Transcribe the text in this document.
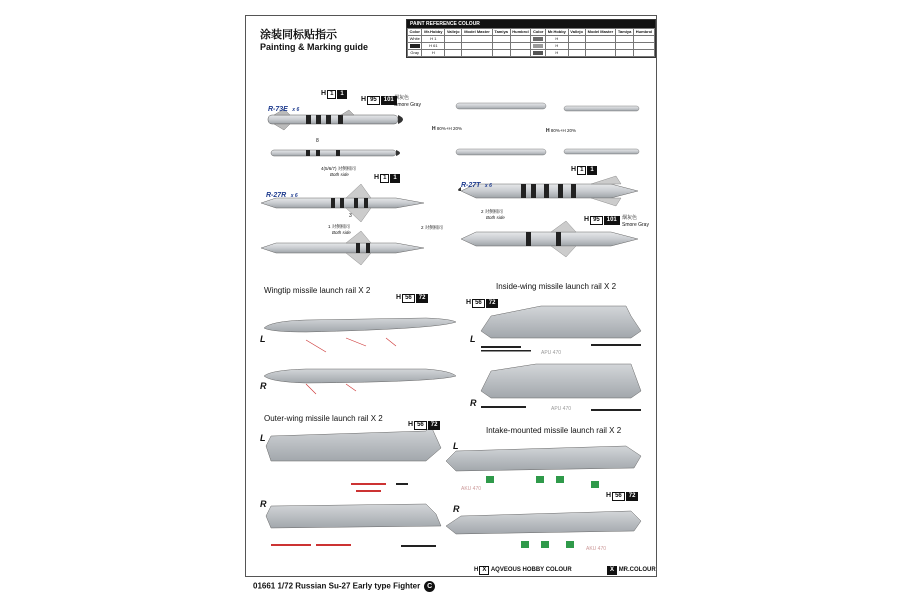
涂装同标贴指示
Painting & Marking guide
PAINT REFERENCE COLOUR
Color	Mr.Hobby	Vallejo	Model Master	Tamiya	Humbrol	Color	Mr.Hobby	Vallejo	Model Master	Tamiya	Humbrol
White	H 1						H				
	H 61						H				
Gray	H						H				
R-73E x 6
H 1 1
H 95 101 烟灰色
Smore Gray
8
4(5/6/7) 対侧相同
Both side
R-27R x 6
H 1 1
3
1 对侧相同
Both side
2 对侧相同
H 80%+H 20%	H 80%+H 20%
R-27T x 6
H 1 1
2 对侧相同
Both side	H 95 101	烟灰色
Smore Gray
Wingtip missile launch rail X 2
H 56 72
L
R
Inside-wing missile launch rail X 2
H 56 72
L
R
APU 470
APU 470
Outer-wing missile launch rail X 2
H 56 72
L
R
Intake-mounted missile launch rail X 2
L
R
H 56 72
AKU 470
AKU 470
H X AQVEOUS HOBBY COLOUR	X MR.COLOUR
01661 1/72 Russian Su-27 Early type Fighter C
